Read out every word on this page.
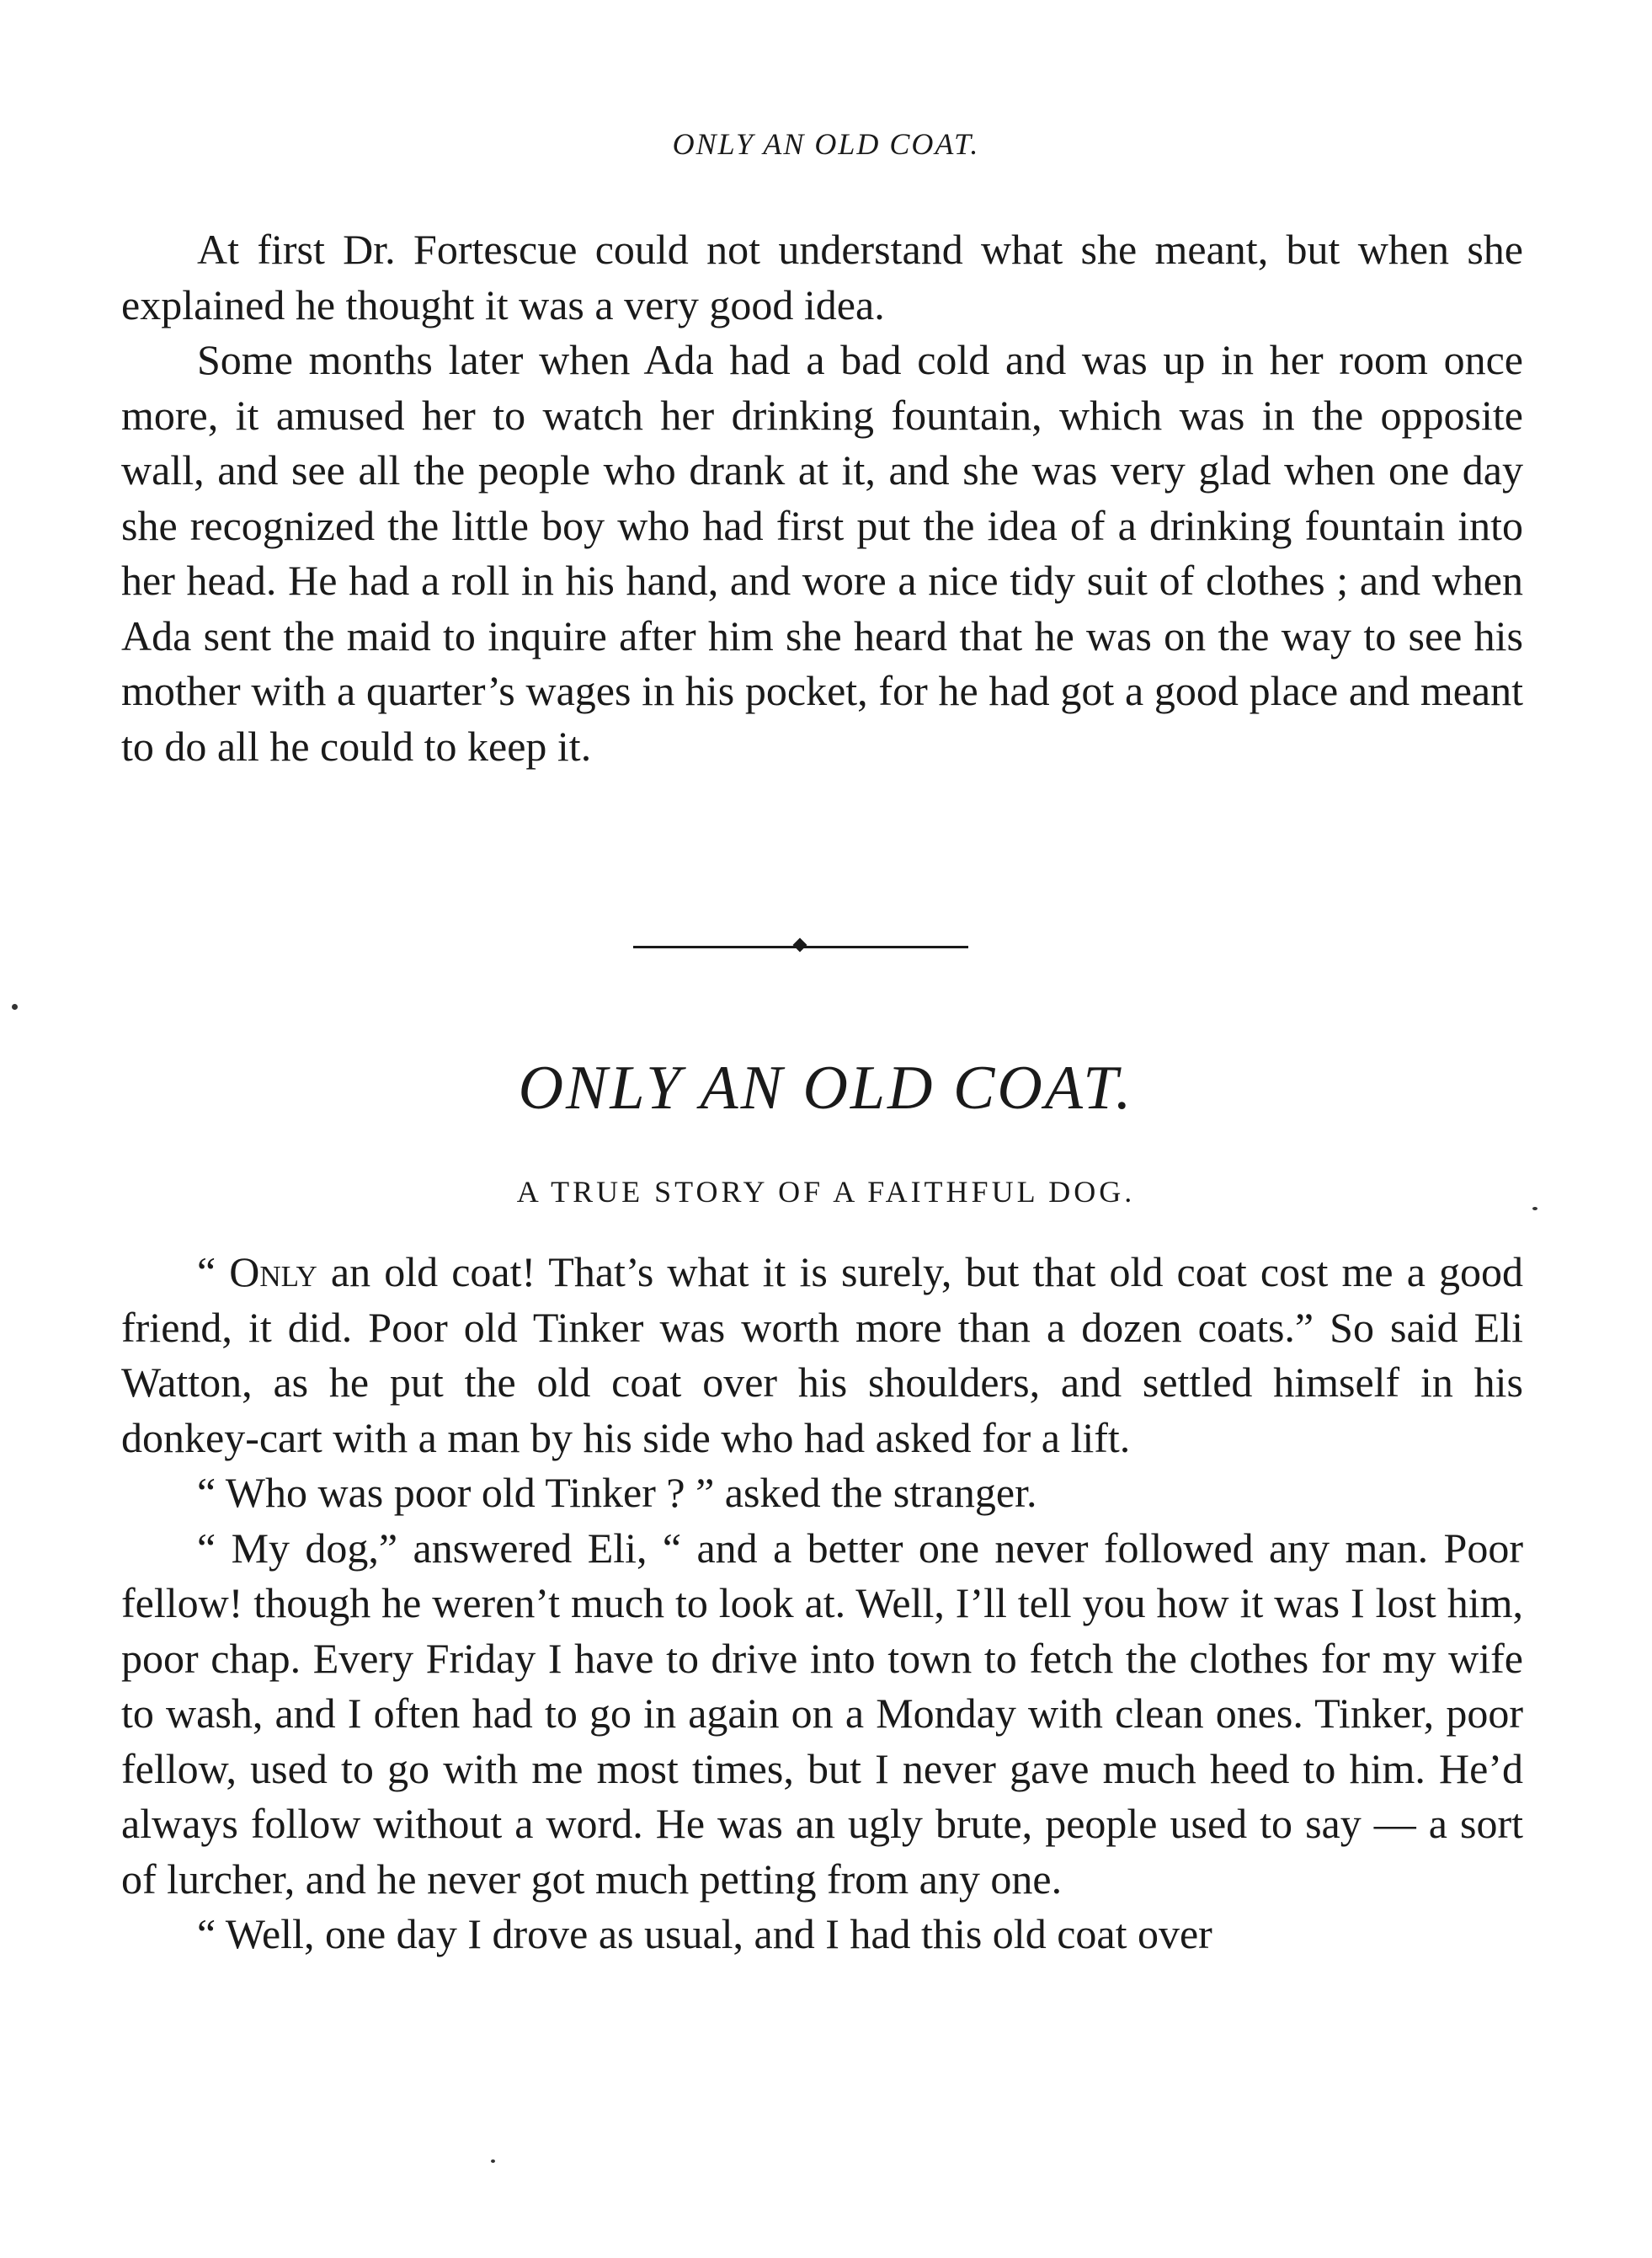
ONLY AN OLD COAT.

At first Dr. Fortescue could not understand what she meant, but when she explained he thought it was a very good idea.

Some months later when Ada had a bad cold and was up in her room once more, it amused her to watch her drinking fountain, which was in the opposite wall, and see all the people who drank at it, and she was very glad when one day she recognized the little boy who had first put the idea of a drinking fountain into her head. He had a roll in his hand, and wore a nice tidy suit of clothes ; and when Ada sent the maid to inquire after him she heard that he was on the way to see his mother with a quarter’s wages in his pocket, for he had got a good place and meant to do all he could to keep it.

ONLY AN OLD COAT.
A TRUE STORY OF A FAITHFUL DOG.

“ Only an old coat! That’s what it is surely, but that old coat cost me a good friend, it did. Poor old Tinker was worth more than a dozen coats.” So said Eli Watton, as he put the old coat over his shoulders, and settled himself in his donkey-cart with a man by his side who had asked for a lift.

“ Who was poor old Tinker ? ” asked the stranger.

“ My dog,” answered Eli, “ and a better one never followed any man. Poor fellow! though he weren’t much to look at. Well, I’ll tell you how it was I lost him, poor chap. Every Friday I have to drive into town to fetch the clothes for my wife to wash, and I often had to go in again on a Monday with clean ones. Tinker, poor fellow, used to go with me most times, but I never gave much heed to him. He’d always follow without a word. He was an ugly brute, people used to say — a sort of lurcher, and he never got much petting from any one.

“ Well, one day I drove as usual, and I had this old coat over
